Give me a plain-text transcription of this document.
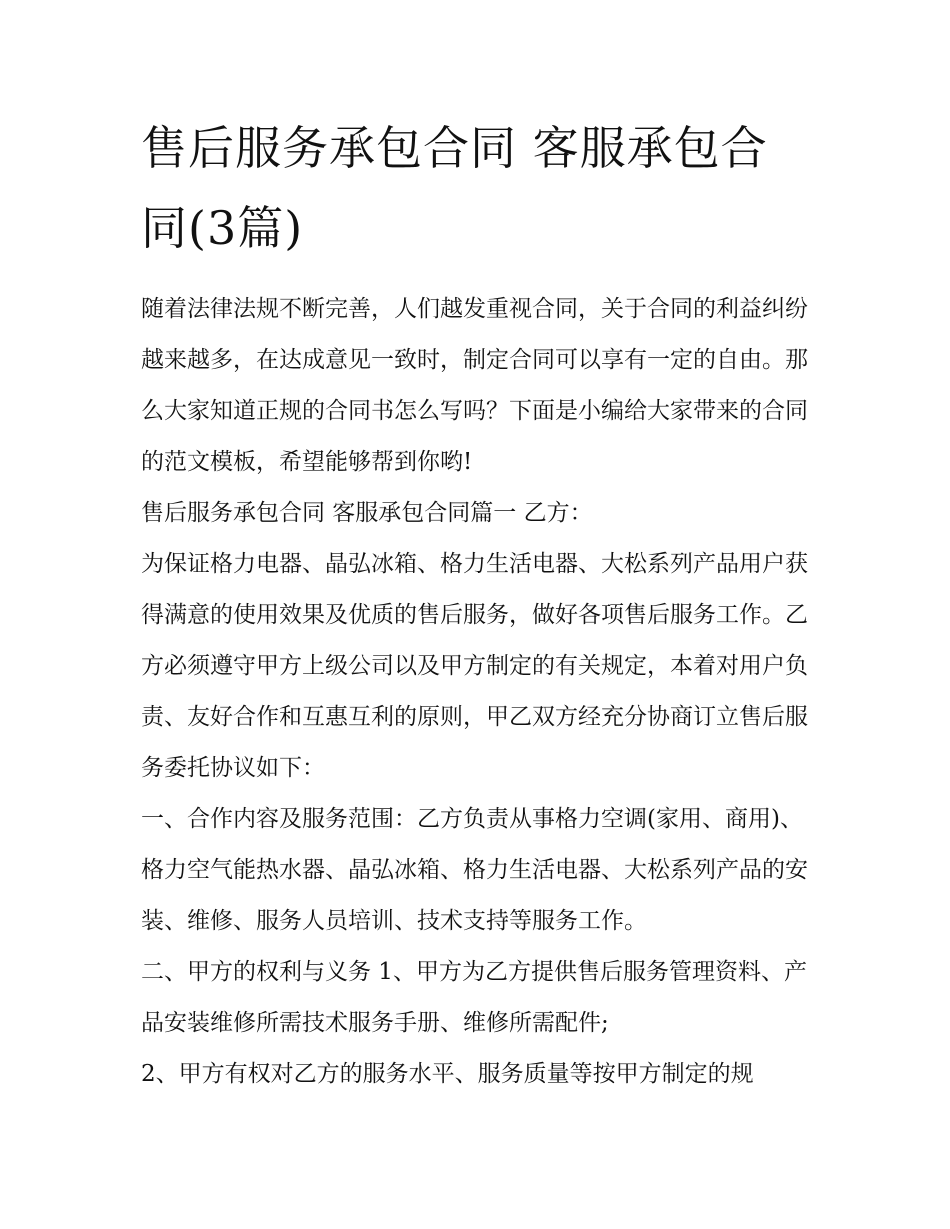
售后服务承包合同 客服承包合同(3篇)

随着法律法规不断完善，人们越发重视合同，关于合同的利益纠纷越来越多，在达成意见一致时，制定合同可以享有一定的自由。那么大家知道正规的合同书怎么写吗？下面是小编给大家带来的合同的范文模板，希望能够帮到你哟!

售后服务承包合同 客服承包合同篇一 乙方：

为保证格力电器、晶弘冰箱、格力生活电器、大松系列产品用户获得满意的使用效果及优质的售后服务，做好各项售后服务工作。乙方必须遵守甲方上级公司以及甲方制定的有关规定，本着对用户负责、友好合作和互惠互利的原则，甲乙双方经充分协商订立售后服务委托协议如下：

一、合作内容及服务范围：乙方负责从事格力空调(家用、商用)、格力空气能热水器、晶弘冰箱、格力生活电器、大松系列产品的安装、维修、服务人员培训、技术支持等服务工作。

二、甲方的权利与义务 1、甲方为乙方提供售后服务管理资料、产品安装维修所需技术服务手册、维修所需配件;

2、甲方有权对乙方的服务水平、服务质量等按甲方制定的规
